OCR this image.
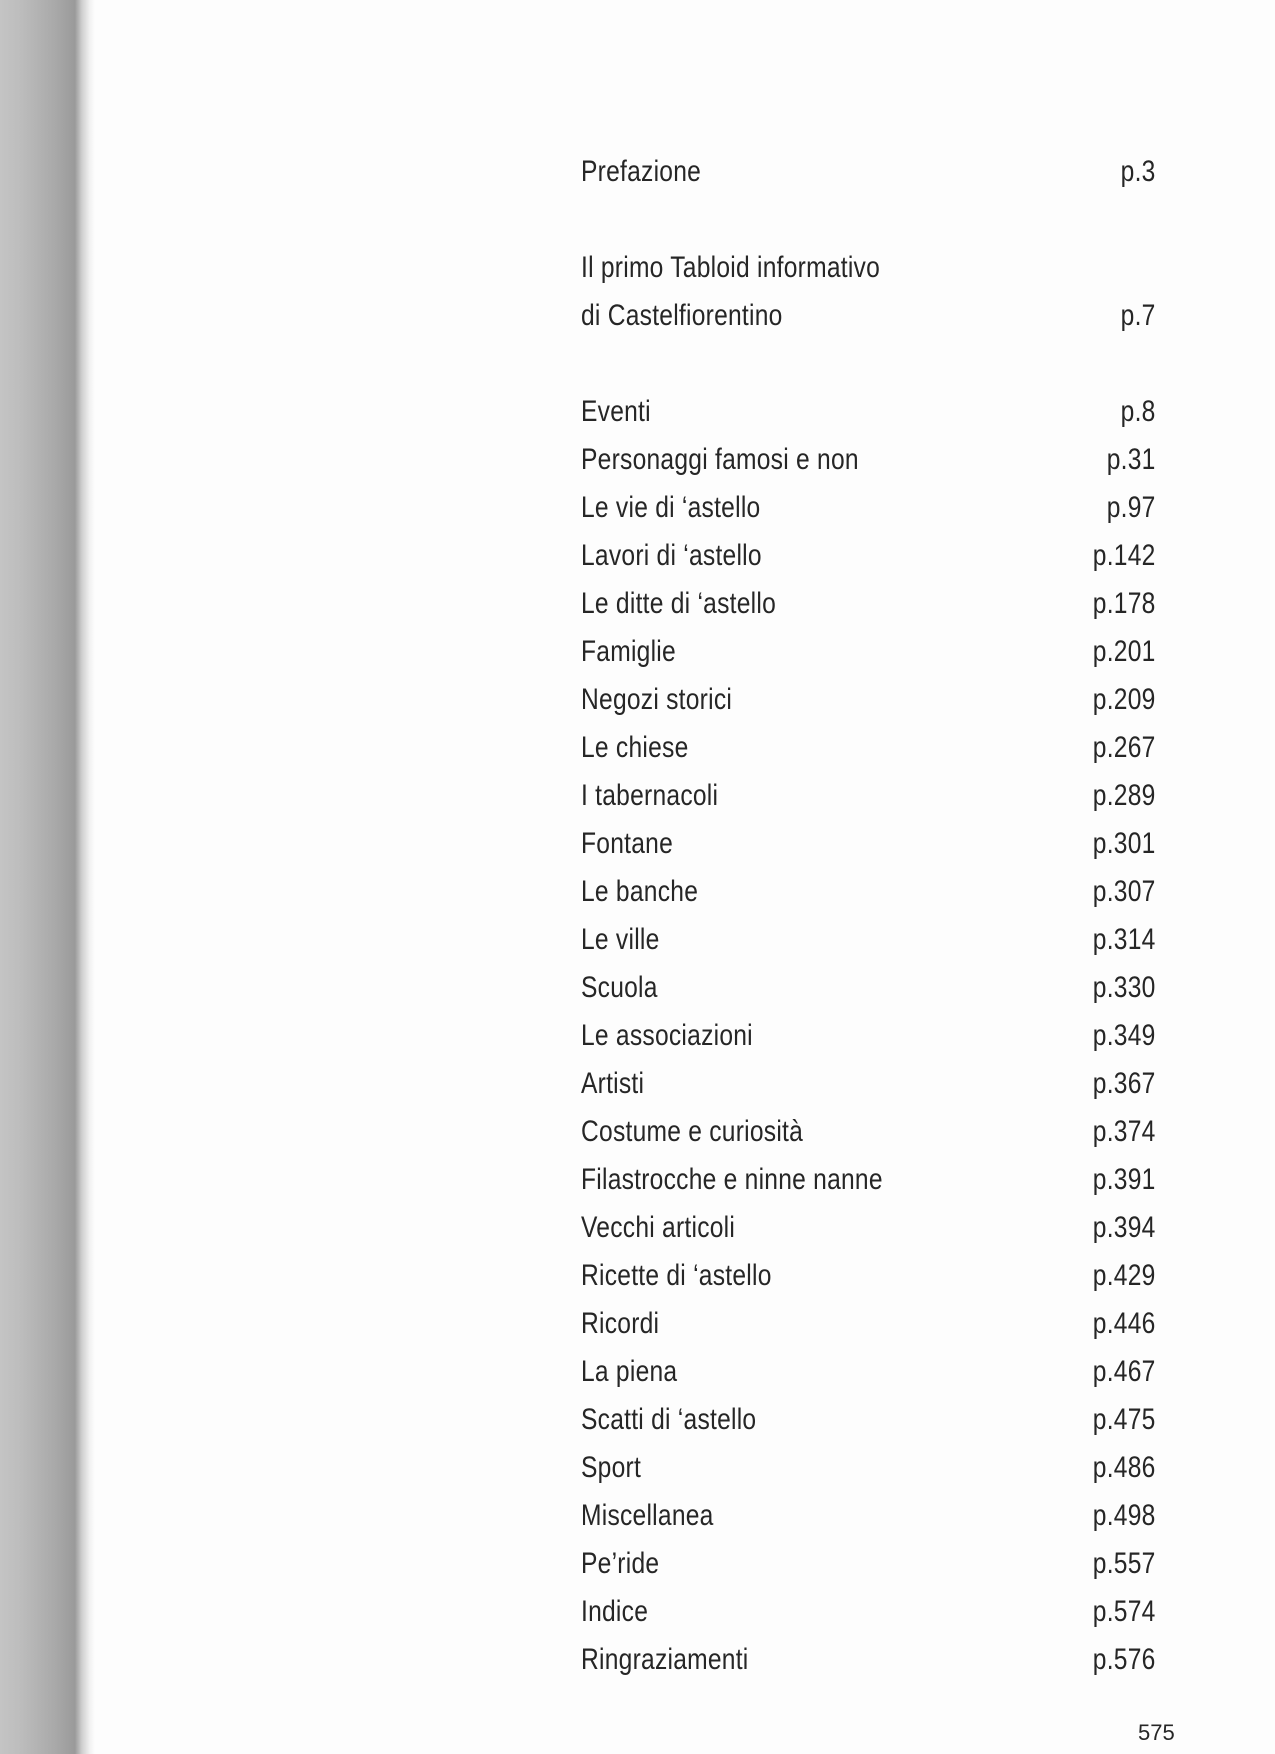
Prefazione	p.3
Il primo Tabloid informativo
di Castelfiorentino	p.7
Eventi	p.8
Personaggi famosi e non	p.31
Le vie di ‘astello	p.97
Lavori di ‘astello	p.142
Le ditte di ‘astello	p.178
Famiglie	p.201
Negozi storici	p.209
Le chiese	p.267
I tabernacoli	p.289
Fontane	p.301
Le banche	p.307
Le ville	p.314
Scuola	p.330
Le associazioni	p.349
Artisti	p.367
Costume e curiosità	p.374
Filastrocche e ninne nanne	p.391
Vecchi articoli	p.394
Ricette di ‘astello	p.429
Ricordi	p.446
La piena	p.467
Scatti di ‘astello	p.475
Sport	p.486
Miscellanea	p.498
Pe’ride	p.557
Indice	p.574
Ringraziamenti	p.576
575
